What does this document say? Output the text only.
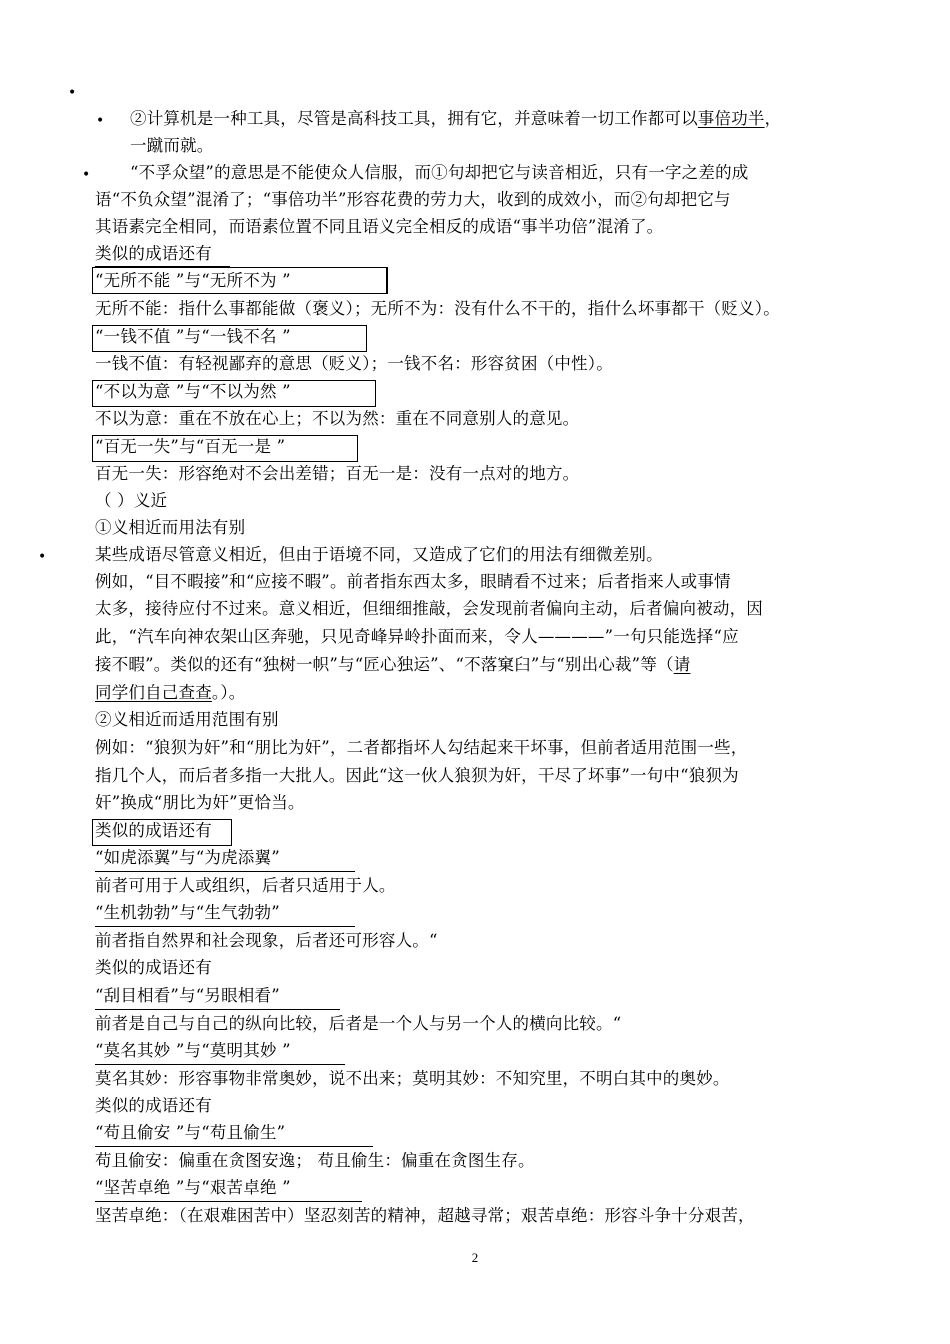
•
•
•
•
②计算机是一种工具，尽管是高科技工具，拥有它，并意味着一切工作都可以事倍功半，
一蹴而就。
“不孚众望”的意思是不能使众人信服，而①句却把它与读音相近，只有一字之差的成
语“不负众望”混淆了；“事倍功半”形容花费的劳力大，收到的成效小，而②句却把它与
其语素完全相同，而语素位置不同且语义完全相反的成语“事半功倍”混淆了。
类似的成语还有
“无所不能 ”与“无所不为 ”
无所不能：指什么事都能做（褒义）；无所不为：没有什么不干的，指什么坏事都干（贬义）。
“一钱不值 ”与“一钱不名 ”
一钱不值：有轻视鄙弃的意思（贬义）；一钱不名：形容贫困（中性）。
“不以为意 ”与“不以为然 ”
不以为意：重在不放在心上；不以为然：重在不同意别人的意见。
“百无一失”与“百无一是 ”
百无一失：形容绝对不会出差错；百无一是：没有一点对的地方。
（ ）义近
①义相近而用法有别
某些成语尽管意义相近，但由于语境不同，又造成了它们的用法有细微差别。
例如，“目不暇接”和“应接不暇”。前者指东西太多，眼睛看不过来；后者指来人或事情
太多，接待应付不过来。意义相近，但细细推敲，会发现前者偏向主动，后者偏向被动，因
此，“汽车向神农架山区奔驰，只见奇峰异岭扑面而来，令人————”一句只能选择“应
接不暇”。类似的还有“独树一帜”与“匠心独运”、“不落窠臼”与“别出心裁”等（请
同学们自己查查。）。
②义相近而适用范围有别
例如：“狼狈为奸”和“朋比为奸”，二者都指坏人勾结起来干坏事，但前者适用范围一些，
指几个人，而后者多指一大批人。因此“这一伙人狼狈为奸，干尽了坏事”一句中“狼狈为
奸”换成“朋比为奸”更恰当。
类似的成语还有
“如虎添翼”与“为虎添翼”
前者可用于人或组织，后者只适用于人。
“生机勃勃”与“生气勃勃”
前者指自然界和社会现象，后者还可形容人。“
类似的成语还有
“刮目相看”与“另眼相看”
前者是自己与自己的纵向比较，后者是一个人与另一个人的横向比较。“
“莫名其妙 ”与“莫明其妙 ”
莫名其妙：形容事物非常奥妙，说不出来；莫明其妙：不知究里，不明白其中的奥妙。
类似的成语还有
“苟且偷安 ”与“苟且偷生”
苟且偷安：偏重在贪图安逸； 苟且偷生：偏重在贪图生存。
“坚苦卓绝 ”与“艰苦卓绝 ”
坚苦卓绝：（在艰难困苦中）坚忍刻苦的精神，超越寻常；艰苦卓绝：形容斗争十分艰苦，
2
